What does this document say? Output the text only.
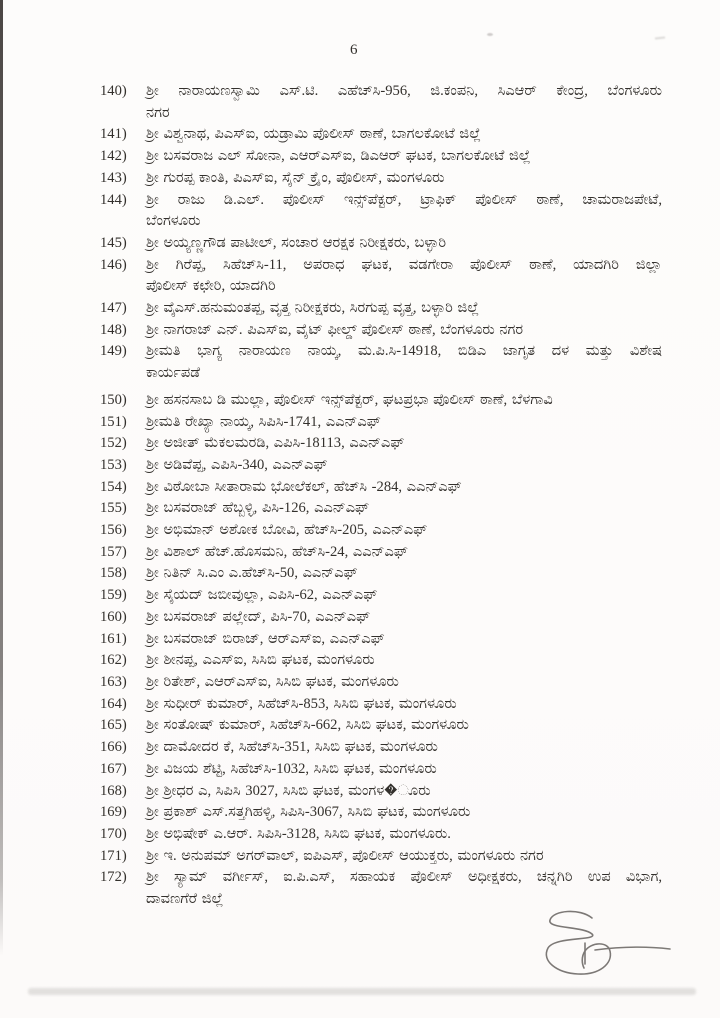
6
140)	ಶ್ರೀ ನಾರಾಯಣಸ್ವಾಮಿ ಎಸ್.ಟಿ. ಎಹೆಚ್‌ಸಿ-956, ಜಿ.ಕಂಪನಿ, ಸಿಎಆರ್ ಕೇಂದ್ರ, ಬೆಂಗಳೂರು
ನಗರ
141)	ಶ್ರೀ ವಿಶ್ವನಾಥ, ಪಿಎಸ್ಐ, ಯಡ್ರಾಮಿ ಪೊಲೀಸ್ ಠಾಣೆ, ಬಾಗಲಕೋಟೆ ಜಿಲ್ಲೆ
142)	ಶ್ರೀ ಬಸವರಾಜ ಎಲ್ ಸೋನಾ, ಎಆರ್‌ಎಸ್‌ಐ, ಡಿಎಆರ್ ಘಟಕ, ಬಾಗಲಕೋಟೆ ಜಿಲ್ಲೆ
143)	ಶ್ರೀ ಗುರಪ್ಪ ಕಾಂತಿ, ಪಿಎಸ್ಐ, ಸೈನ್ ಕ್ರೈಂ, ಪೊಲೀಸ್, ಮಂಗಳೂರು
144)	ಶ್ರೀ ರಾಜು ಡಿ.ಎಲ್. ಪೊಲೀಸ್ ಇನ್ಸ್‌ಪೆಕ್ಟರ್, ಟ್ರಾಫಿಕ್ ಪೊಲೀಸ್ ಠಾಣೆ, ಚಾಮರಾಜಪೇಟೆ,
ಬೆಂಗಳೂರು
145)	ಶ್ರೀ ಅಯ್ಯಣ್ಣಗೌಡ ಪಾಟೀಲ್, ಸಂಚಾರ ಆರಕ್ಷಕ ನಿರೀಕ್ಷಕರು, ಬಳ್ಳಾರಿ
146)	ಶ್ರೀ ಗಿರೆಪ್ಪ, ಸಿಹೆಚ್‌ಸಿ-11, ಅಪರಾಧ ಘಟಕ, ವಡಗೇರಾ ಪೊಲೀಸ್ ಠಾಣೆ, ಯಾದಗಿರಿ ಜಿಲ್ಲಾ
ಪೊಲೀಸ್ ಕಛೇರಿ, ಯಾದಗಿರಿ
147)	ಶ್ರೀ ವೈಎಸ್.ಹನುಮಂತಪ್ಪ, ವೃತ್ತ ನಿರೀಕ್ಷಕರು, ಸಿರಗುಪ್ಪ ವೃತ್ತ, ಬಳ್ಳಾರಿ ಜಿಲ್ಲೆ
148)	ಶ್ರೀ ನಾಗರಾಜ್ ಎನ್. ಪಿಎಸ್ಐ, ವೈಟ್ ಫೀಲ್ಡ್ ಪೊಲೀಸ್ ಠಾಣೆ, ಬೆಂಗಳೂರು ನಗರ
149)	ಶ್ರೀಮತಿ ಭಾಗ್ಯ ನಾರಾಯಣ ನಾಯ್ಕ, ಮ.ಪಿ.ಸಿ-14918, ಬಿಡಿಎ ಜಾಗೃತ ದಳ ಮತ್ತು ವಿಶೇಷ
ಕಾರ್ಯಪಡೆ
150)	ಶ್ರೀ ಹಸನಸಾಬ ಡಿ ಮುಲ್ಲಾ, ಪೊಲೀಸ್ ಇನ್ಸ್‌ಪೆಕ್ಟರ್, ಘಟಪ್ರಭಾ ಪೊಲೀಸ್ ಠಾಣೆ, ಬೆಳಗಾವಿ
151)	ಶ್ರೀಮತಿ ರೇಖ್ಯಾ ನಾಯ್ಕ, ಸಿಪಿಸಿ-1741, ಎಎನ್‌ಎಫ್
152)	ಶ್ರೀ ಅಜೀತ್ ಮೆಕಲಮರಡಿ, ಎಪಿಸಿ-18113, ಎಎನ್‌ಎಫ್
153)	ಶ್ರೀ ಅಡಿವೆಪ್ಪ, ಎಪಿಸಿ-340, ಎಎನ್‌ಎಫ್
154)	ಶ್ರೀ ವಿಠೋಬಾ ಸೀತಾರಾಮ ಭೋಲೆಕಲ್, ಹೆಚ್‌ಸಿ -284, ಎಎನ್‌ಎಫ್
155)	ಶ್ರೀ ಬಸವರಾಜ್ ಹೆಬ್ಬಳ್ಳಿ, ಪಿಸಿ-126, ಎಎನ್‌ಎಫ್
156)	ಶ್ರೀ ಅಭಿಮಾನ್ ಅಶೋಕ ಬೋವಿ, ಹೆಚ್‌ಸಿ-205, ಎಎನ್‌ಎಫ್
157)	ಶ್ರೀ ವಿಶಾಲ್ ಹೆಚ್.ಹೊಸಮನಿ, ಹೆಚ್‌ಸಿ-24, ಎಎನ್‌ಎಫ್
158)	ಶ್ರೀ ನಿತಿನ್ ಸಿ.ಎಂ ಎ.ಹೆಚ್‌ಸಿ-50, ಎಎನ್‌ಎಫ್
159)	ಶ್ರೀ ಸೈಯದ್ ಜಬೀವುಲ್ಲಾ, ಎಪಿಸಿ-62, ಎಎನ್‌ಎಫ್
160)	ಶ್ರೀ ಬಸವರಾಜ್ ಪಲ್ಲೇದ್, ಪಿಸಿ-70, ಎಎನ್‌ಎಫ್
161)	ಶ್ರೀ ಬಸವರಾಜ್ ಬಿರಾಜ್, ಆರ್‌ಎಸ್‌ಐ, ಎಎನ್‌ಎಫ್
162)	ಶ್ರೀ ಶೀನಪ್ಪ, ಎಎಸ್‌ಐ, ಸಿಸಿಬಿ ಘಟಕ, ಮಂಗಳೂರು
163)	ಶ್ರೀ ರಿತೇಶ್, ಎಆರ್‌ಎಸ್‌ಐ, ಸಿಸಿಬಿ ಘಟಕ, ಮಂಗಳೂರು
164)	ಶ್ರೀ ಸುಧೀರ್ ಕುಮಾರ್, ಸಿಹೆಚ್‌ಸಿ-853, ಸಿಸಿಬಿ ಘಟಕ, ಮಂಗಳೂರು
165)	ಶ್ರೀ ಸಂತೋಷ್ ಕುಮಾರ್, ಸಿಹೆಚ್‌ಸಿ-662, ಸಿಸಿಬಿ ಘಟಕ, ಮಂಗಳೂರು
166)	ಶ್ರೀ ದಾಮೋದರ ಕೆ, ಸಿಹೆಚ್‌ಸಿ-351, ಸಿಸಿಬಿ ಘಟಕ, ಮಂಗಳೂರು
167)	ಶ್ರೀ ವಿಜಯ ಶೆಟ್ಟಿ, ಸಿಹೆಚ್‌ಸಿ-1032, ಸಿಸಿಬಿ ಘಟಕ, ಮಂಗಳೂರು
168)	ಶ್ರೀ ಶ್ರೀಧರ ಎ, ಸಿಪಿಸಿ 3027, ಸಿಸಿಬಿ ಘಟಕ, ಮಂಗಳ�ೂರು
169)	ಶ್ರೀ ಪ್ರಕಾಶ್ ಎಸ್.ಸತ್ತಗಿಹಳ್ಳಿ, ಸಿಪಿಸಿ-3067, ಸಿಸಿಬಿ ಘಟಕ, ಮಂಗಳೂರು
170)	ಶ್ರೀ ಅಭಿಷೇಕ್ ಎ.ಆರ್. ಸಿಪಿಸಿ-3128, ಸಿಸಿಬಿ ಘಟಕ, ಮಂಗಳೂರು.
171)	ಶ್ರೀ ಇ. ಅನುಪಮ್ ಅಗರ್‌ವಾಲ್, ಐಪಿಎಸ್, ಪೊಲೀಸ್ ಆಯುಕ್ತರು, ಮಂಗಳೂರು ನಗರ
172)	ಶ್ರೀ ಸ್ಯಾಮ್ ವರ್ಗೀಸ್, ಐ.ಪಿ.ಎಸ್, ಸಹಾಯಕ ಪೊಲೀಸ್ ಅಧೀಕ್ಷಕರು, ಚನ್ನಗಿರಿ ಉಪ ವಿಭಾಗ,
ದಾವಣಗೆರೆ ಜಿಲ್ಲೆ
